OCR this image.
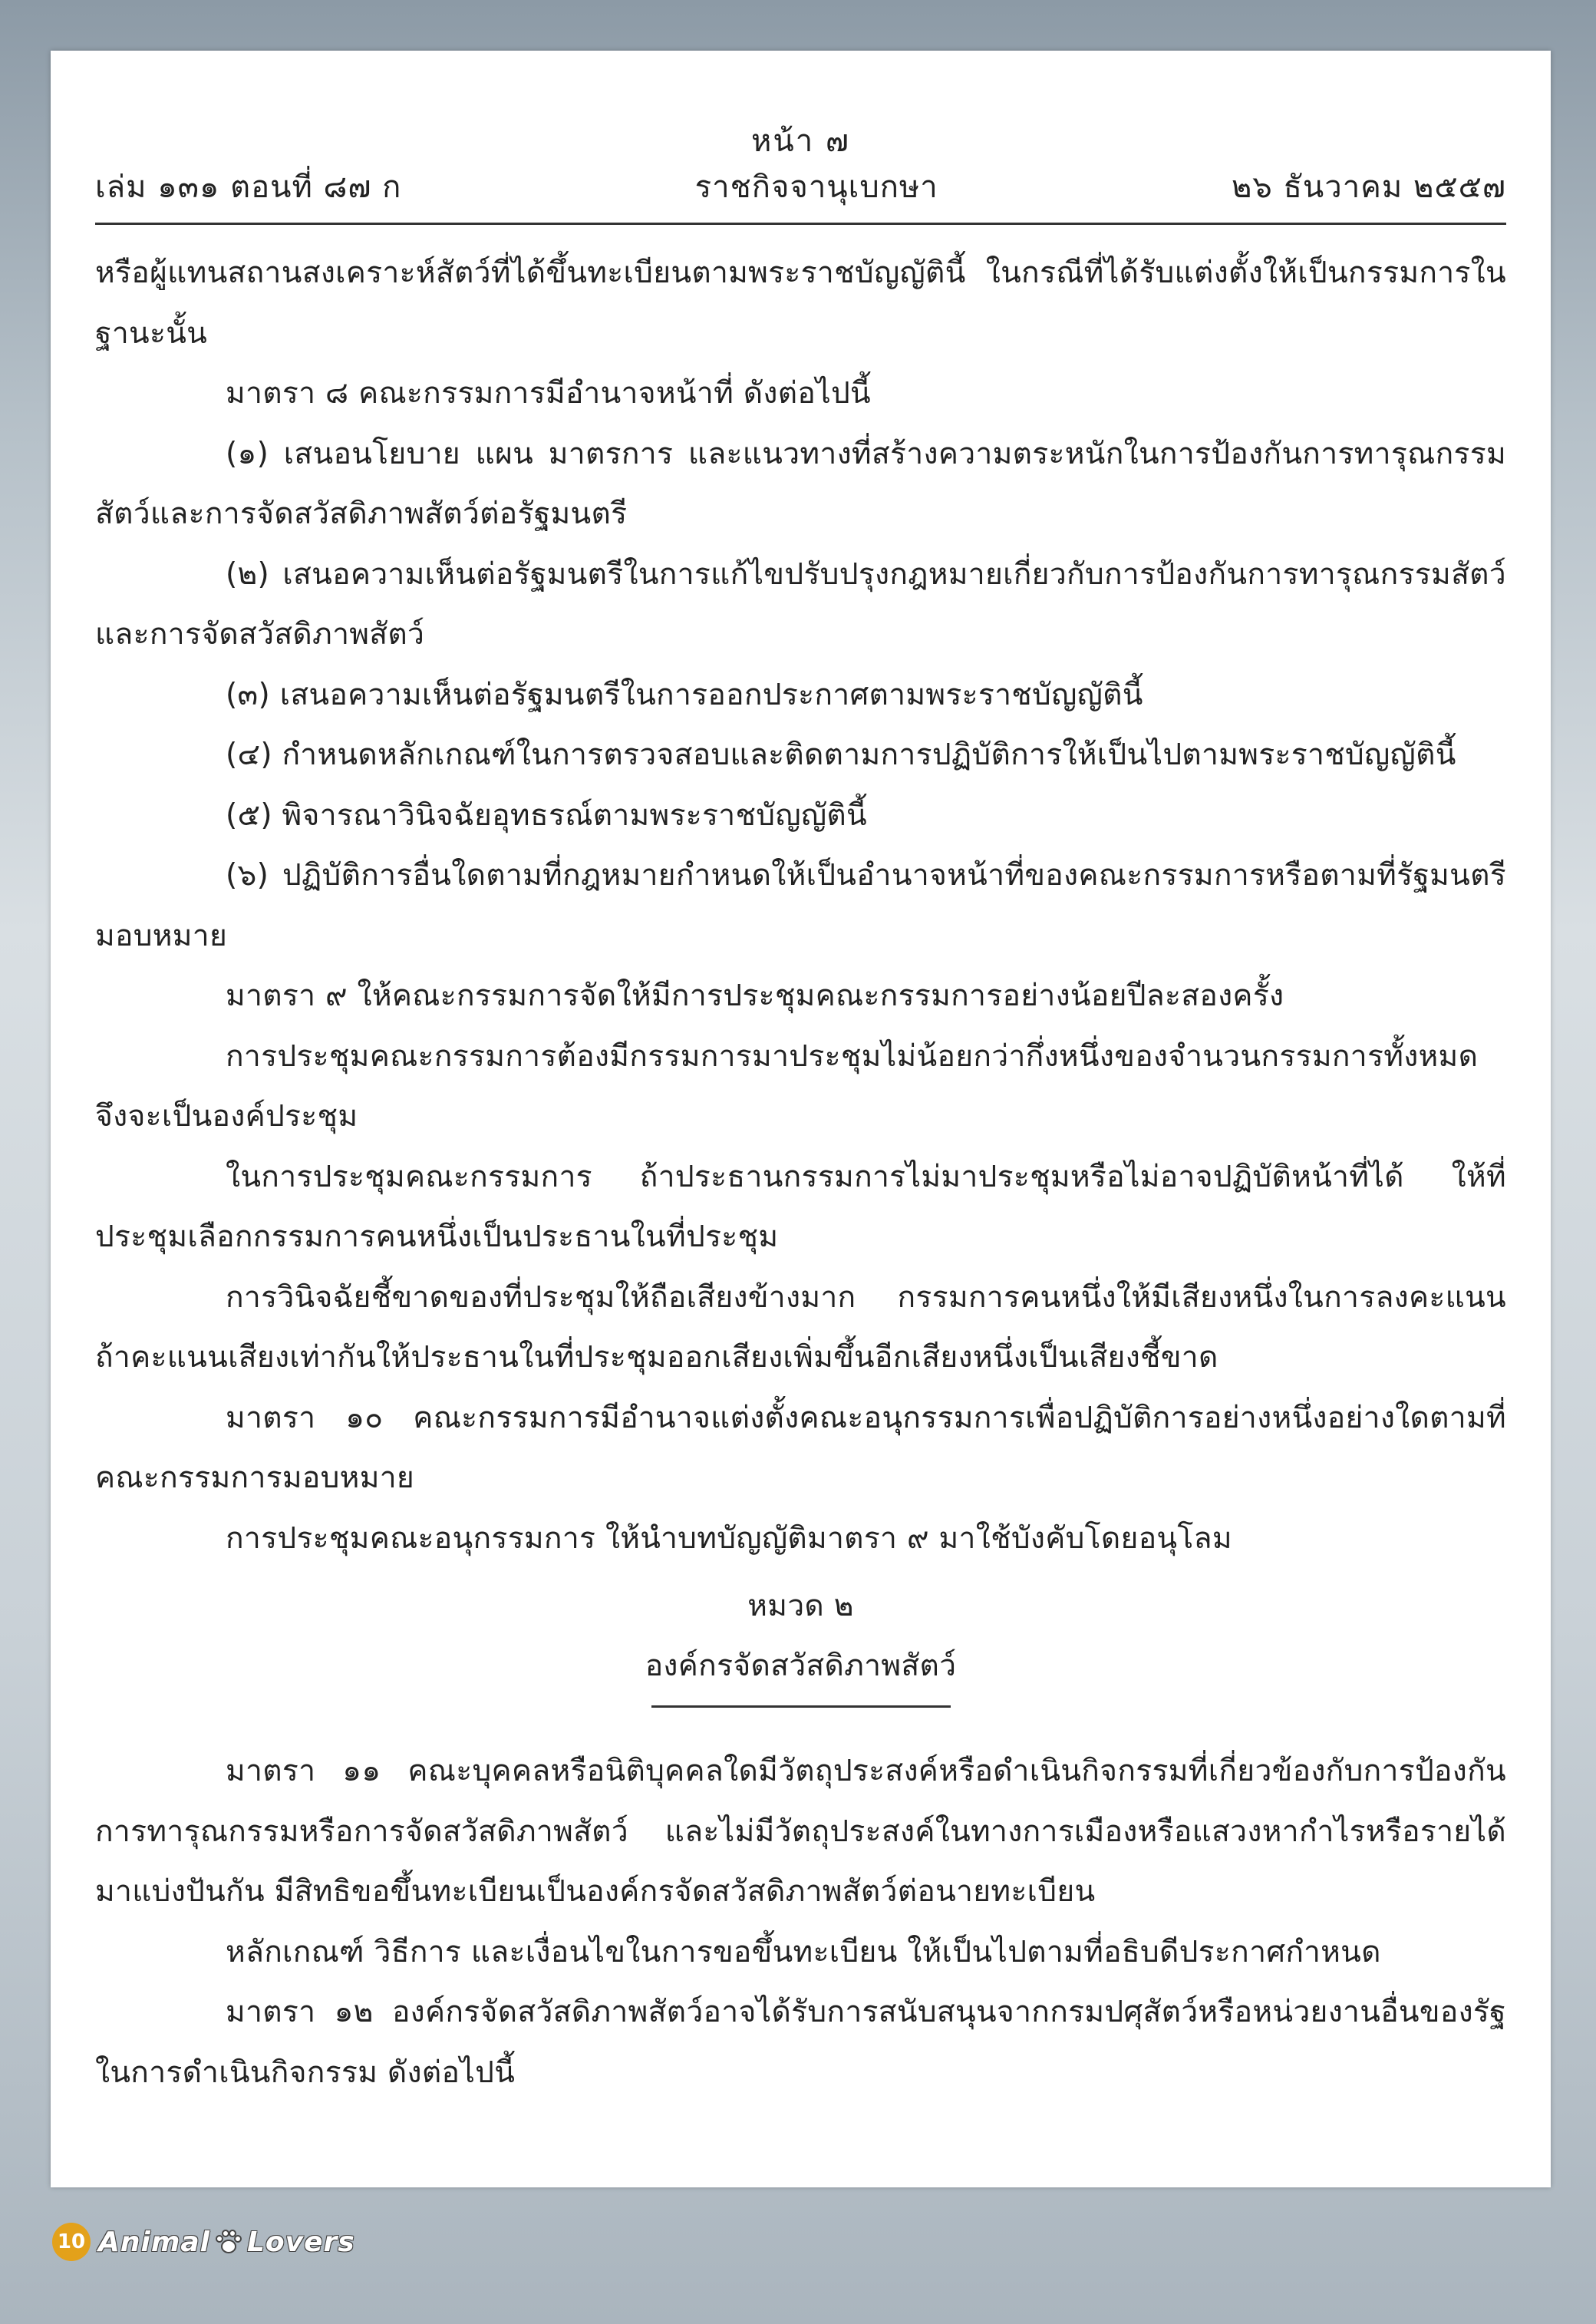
หน้า ๗
เล่ม ๑๓๑ ตอนที่ ๘๗ ก	ราชกิจจานุเบกษา	๒๖ ธันวาคม ๒๕๕๗

หรือผู้แทนสถานสงเคราะห์สัตว์ที่ได้ขึ้นทะเบียนตามพระราชบัญญัตินี้ ในกรณีที่ได้รับแต่งตั้งให้เป็นกรรมการในฐานะนั้น

มาตรา ๘ คณะกรรมการมีอำนาจหน้าที่ ดังต่อไปนี้

(๑) เสนอนโยบาย แผน มาตรการ และแนวทางที่สร้างความตระหนักในการป้องกันการทารุณกรรมสัตว์และการจัดสวัสดิภาพสัตว์ต่อรัฐมนตรี

(๒) เสนอความเห็นต่อรัฐมนตรีในการแก้ไขปรับปรุงกฎหมายเกี่ยวกับการป้องกันการทารุณกรรมสัตว์และการจัดสวัสดิภาพสัตว์

(๓) เสนอความเห็นต่อรัฐมนตรีในการออกประกาศตามพระราชบัญญัตินี้

(๔) กำหนดหลักเกณฑ์ในการตรวจสอบและติดตามการปฏิบัติการให้เป็นไปตามพระราชบัญญัตินี้

(๕) พิจารณาวินิจฉัยอุทธรณ์ตามพระราชบัญญัตินี้

(๖) ปฏิบัติการอื่นใดตามที่กฎหมายกำหนดให้เป็นอำนาจหน้าที่ของคณะกรรมการหรือตามที่รัฐมนตรีมอบหมาย

มาตรา ๙ ให้คณะกรรมการจัดให้มีการประชุมคณะกรรมการอย่างน้อยปีละสองครั้ง

การประชุมคณะกรรมการต้องมีกรรมการมาประชุมไม่น้อยกว่ากึ่งหนึ่งของจำนวนกรรมการทั้งหมดจึงจะเป็นองค์ประชุม

ในการประชุมคณะกรรมการ ถ้าประธานกรรมการไม่มาประชุมหรือไม่อาจปฏิบัติหน้าที่ได้ ให้ที่ประชุมเลือกกรรมการคนหนึ่งเป็นประธานในที่ประชุม

การวินิจฉัยชี้ขาดของที่ประชุมให้ถือเสียงข้างมาก กรรมการคนหนึ่งให้มีเสียงหนึ่งในการลงคะแนนถ้าคะแนนเสียงเท่ากันให้ประธานในที่ประชุมออกเสียงเพิ่มขึ้นอีกเสียงหนึ่งเป็นเสียงชี้ขาด

มาตรา ๑๐ คณะกรรมการมีอำนาจแต่งตั้งคณะอนุกรรมการเพื่อปฏิบัติการอย่างหนึ่งอย่างใดตามที่คณะกรรมการมอบหมาย

การประชุมคณะอนุกรรมการ ให้นำบทบัญญัติมาตรา ๙ มาใช้บังคับโดยอนุโลม

หมวด ๒
องค์กรจัดสวัสดิภาพสัตว์

มาตรา ๑๑ คณะบุคคลหรือนิติบุคคลใดมีวัตถุประสงค์หรือดำเนินกิจกรรมที่เกี่ยวข้องกับการป้องกันการทารุณกรรมหรือการจัดสวัสดิภาพสัตว์ และไม่มีวัตถุประสงค์ในทางการเมืองหรือแสวงหากำไรหรือรายได้มาแบ่งปันกัน มีสิทธิขอขึ้นทะเบียนเป็นองค์กรจัดสวัสดิภาพสัตว์ต่อนายทะเบียน

หลักเกณฑ์ วิธีการ และเงื่อนไขในการขอขึ้นทะเบียน ให้เป็นไปตามที่อธิบดีประกาศกำหนด

มาตรา ๑๒ องค์กรจัดสวัสดิภาพสัตว์อาจได้รับการสนับสนุนจากกรมปศุสัตว์หรือหน่วยงานอื่นของรัฐในการดำเนินกิจกรรม ดังต่อไปนี้

10 Animal Lovers
